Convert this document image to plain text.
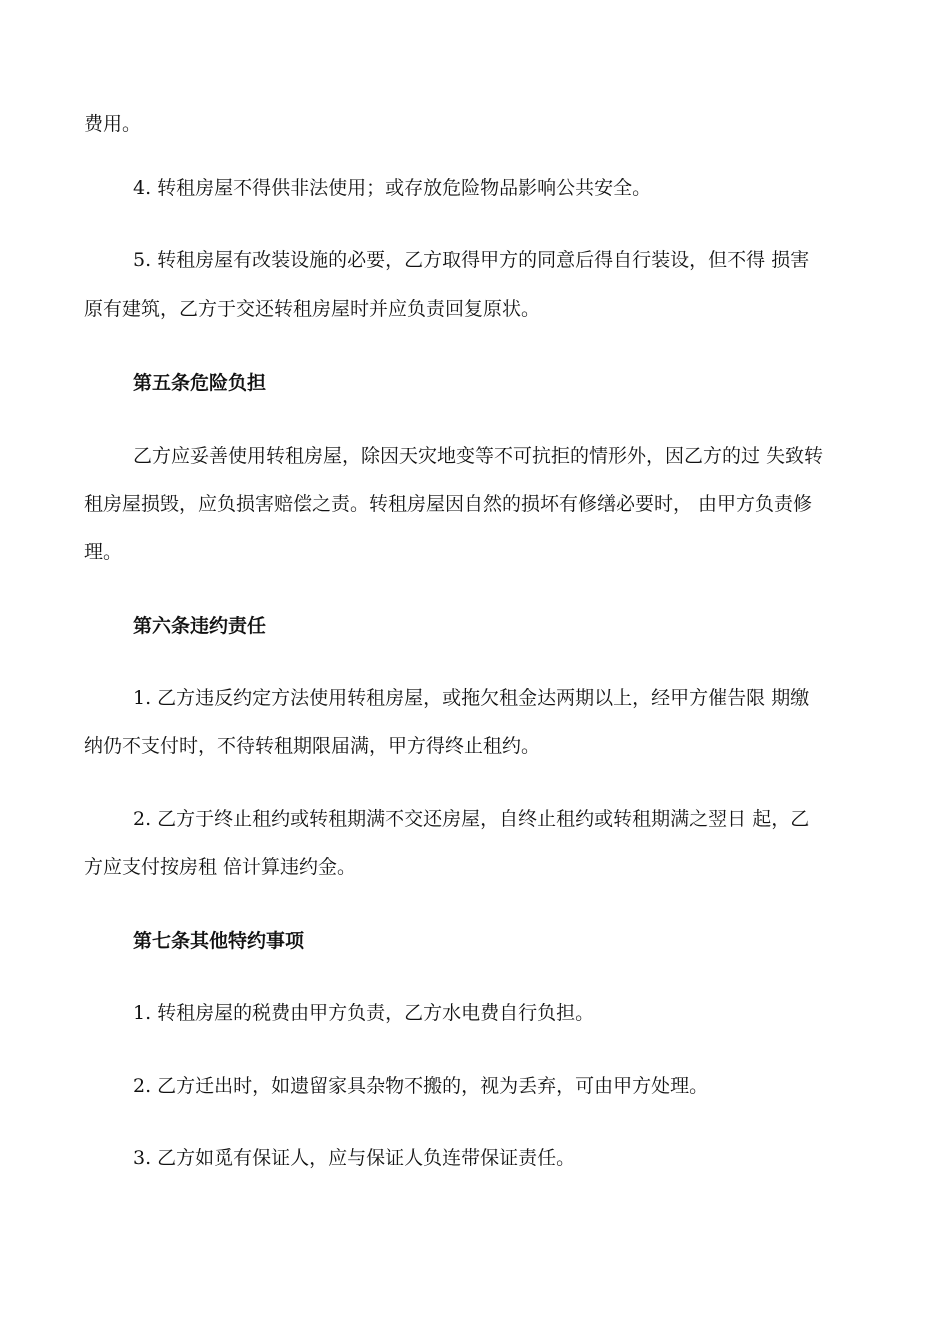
费用。

4. 转租房屋不得供非法使用；或存放危险物品影响公共安全。

5. 转租房屋有改装设施的必要，乙方取得甲方的同意后得自行装设，但不得 损害

原有建筑，乙方于交还转租房屋时并应负责回复原状。

第五条危险负担

乙方应妥善使用转租房屋，除因天灾地变等不可抗拒的情形外，因乙方的过 失致转

租房屋损毁，应负损害赔偿之责。转租房屋因自然的损坏有修缮必要时， 由甲方负责修

理。

第六条违约责任

1. 乙方违反约定方法使用转租房屋，或拖欠租金达两期以上，经甲方催告限 期缴

纳仍不支付时，不待转租期限届满，甲方得终止租约。

2. 乙方于终止租约或转租期满不交还房屋，自终止租约或转租期满之翌日 起，乙

方应支付按房租 倍计算违约金。

第七条其他特约事项

1. 转租房屋的税费由甲方负责，乙方水电费自行负担。

2. 乙方迁出时，如遗留家具杂物不搬的，视为丢弃，可由甲方处理。

3. 乙方如觅有保证人，应与保证人负连带保证责任。
